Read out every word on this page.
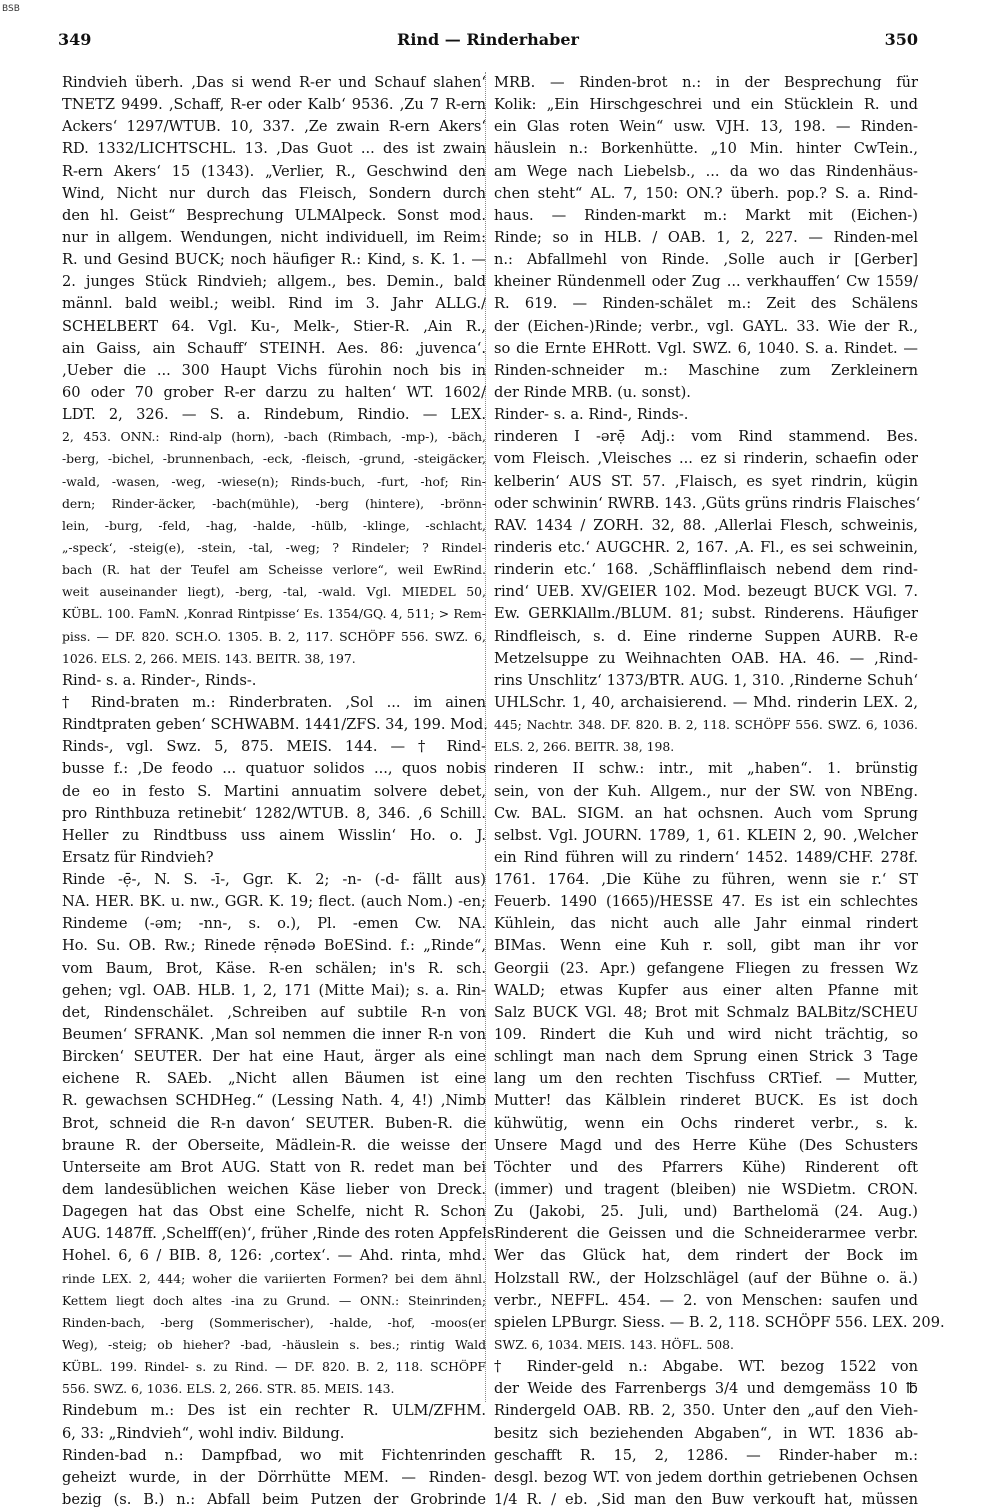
BSB
349	Rind — Rinderhaber	350
Rindvieh überh. ‚Das si wend R-er und Schauf slahen‘
TNETZ 9499. ‚Schaff, R-er oder Kalb‘ 9536. ‚Zu 7 R-ern
Ackers‘ 1297/WTUB. 10, 337. ‚Ze zwain R-ern Akers‘
RD. 1332/LICHTSCHL. 13. ‚Das Guot ... des ist zwain
R-ern Akers‘ 15 (1343). „Verlier, R., Geschwind den
Wind, Nicht nur durch das Fleisch, Sondern durch
den hl. Geist“ Besprechung ULMAlpeck. Sonst mod.
nur in allgem. Wendungen, nicht individuell, im Reim:
R. und Gesind BUCK; noch häufiger R.: Kind, s. K. 1. —
2. junges Stück Rindvieh; allgem., bes. Demin., bald
männl. bald weibl.; weibl. Rind im 3. Jahr ALLG./
SCHELBERT 64. Vgl. Ku-, Melk-, Stier-R. ‚Ain R.,
ain Gaiss, ain Schauff‘ STEINH. Aes. 86: ‚juvenca‘.
‚Ueber die ... 300 Haupt Vichs fürohin noch bis in
60 oder 70 grober R-er darzu zu halten‘ WT. 1602/
LDT. 2, 326. — S. a. Rindebum, Rindio. — LEX.
2, 453. ONN.: Rind-alp (horn), -bach (Rimbach, -mp-), -bäch,
-berg, -bichel, -brunnenbach, -eck, -fleisch, -grund, -steigäcker,
-wald, -wasen, -weg, -wiese(n); Rinds-buch, -furt, -hof; Rin-
dern; Rinder-äcker, -bach(mühle), -berg (hintere), -brönn-
lein, -burg, -feld, -hag, -halde, -hülb, -klinge, -schlacht,
„-speck‘, -steig(e), -stein, -tal, -weg; ? Rindeler; ? Rindel-
bach (R. hat der Teufel am Scheisse verlore“, weil EwRind.
weit auseinander liegt), -berg, -tal, -wald. Vgl. MIEDEL 50,
KÜBL. 100. FamN. ‚Konrad Rintpisse‘ Es. 1354/GQ. 4, 511; > Rem-
piss. — DF. 820. SCH.O. 1305. B. 2, 117. SCHÖPF 556. SWZ. 6,
1026. ELS. 2, 266. MEIS. 143. BEITR. 38, 197.
Rind- s. a. Rinder-, Rinds-.
† Rind-braten m.: Rinderbraten. ‚Sol ... im ainen
Rindtpraten geben‘ SCHWABM. 1441/ZFS. 34, 199. Mod.
Rinds-, vgl. Swz. 5, 875. MEIS. 144. — † Rind-
busse f.: ‚De feodo ... quatuor solidos ..., quos nobis
de eo in festo S. Martini annuatim solvere debet,
pro Rinthbuza retinebit‘ 1282/WTUB. 8, 346. ‚6 Schill.
Heller zu Rindtbuss uss ainem Wisslin‘ Ho. o. J.
Ersatz für Rindvieh?
Rinde -ẹ̄-, N. S. -ī-, Ggr. K. 2; -n- (-d- fällt aus)
NA. HER. BK. u. nw., GGR. K. 19; flect. (auch Nom.) -en;
Rindeme (-əm; -nn-, s. o.), Pl. -emen Cw. NA.
Ho. Su. OB. Rw.; Rinede rẹ̄nədə BoESind. f.: „Rinde“,
vom Baum, Brot, Käse. R-en schälen; in's R. sch.
gehen; vgl. OAB. HLB. 1, 2, 171 (Mitte Mai); s. a. Rin-
det, Rindenschälet. ‚Schreiben auf subtile R-n von
Beumen‘ SFRANK. ‚Man sol nemmen die inner R-n von
Bircken‘ SEUTER. Der hat eine Haut, ärger als eine
eichene R. SAEb. „Nicht allen Bäumen ist eine
R. gewachsen SCHDHeg.“ (Lessing Nath. 4, 4!) ‚Nimb
Brot, schneid die R-n davon‘ SEUTER. Buben-R. die
braune R. der Oberseite, Mädlein-R. die weisse der
Unterseite am Brot AUG. Statt von R. redet man bei
dem landesüblichen weichen Käse lieber von Dreck.
Dagegen hat das Obst eine Schelfe, nicht R. Schon
AUG. 1487ff. ‚Schelff(en)‘, früher ‚Rinde des roten Appfels‘
Hohel. 6, 6 / BIB. 8, 126: ‚cortex‘. — Ahd. rinta, mhd.
rinde LEX. 2, 444; woher die variierten Formen? bei dem ähnl.
Kettem liegt doch altes -ina zu Grund. — ONN.: Steinrinden;
Rinden-bach, -berg (Sommerischer), -halde, -hof, -moos(er
Weg), -steig; ob hieher? -bad, -häuslein s. bes.; rintig Wald
KÜBL. 199. Rindel- s. zu Rind. — DF. 820. B. 2, 118. SCHÖPF
556. SWZ. 6, 1036. ELS. 2, 266. STR. 85. MEIS. 143.
Rindebum m.: Des ist ein rechter R. ULM/ZFHM.
6, 33: „Rindvieh“, wohl indiv. Bildung.
Rinden-bad n.: Dampfbad, wo mit Fichtenrinden
geheizt wurde, in der Dörrhütte MEM. — Rinden-
bezig (s. B.) n.: Abfall beim Putzen der Grobrinde
MRB. — Rinden-brot n.: in der Besprechung für
Kolik: „Ein Hirschgeschrei und ein Stücklein R. und
ein Glas roten Wein“ usw. VJH. 13, 198. — Rinden-
häuslein n.: Borkenhütte. „10 Min. hinter CwTein.,
am Wege nach Liebelsb., ... da wo das Rindenhäus-
chen steht“ AL. 7, 150: ON.? überh. pop.? S. a. Rind-
haus. — Rinden-markt m.: Markt mit (Eichen-)
Rinde; so in HLB. / OAB. 1, 2, 227. — Rinden-mel
n.: Abfallmehl von Rinde. ‚Solle auch ir [Gerber]
kheiner Ründenmell oder Zug ... verkhauffen‘ Cw 1559/
R. 619. — Rinden-schälet m.: Zeit des Schälens
der (Eichen-)Rinde; verbr., vgl. GAYL. 33. Wie der R.,
so die Ernte EHRott. Vgl. SWZ. 6, 1040. S. a. Rindet. —
Rinden-schneider m.: Maschine zum Zerkleinern
der Rinde MRB. (u. sonst).
Rinder- s. a. Rind-, Rinds-.
rinderen I -ərẹ̄ Adj.: vom Rind stammend. Bes.
vom Fleisch. ‚Vleisches ... ez si rinderin, schaefin oder
kelberin‘ AUS ST. 57. ‚Flaisch, es syet rindrin, kügin
oder schwinin‘ RWRB. 143. ‚Güts grüns rindris Flaisches‘
RAV. 1434 / ZORH. 32, 88. ‚Allerlai Flesch, schweinis,
rinderis etc.‘ AUGCHR. 2, 167. ‚A. Fl., es sei schweinin,
rinderin etc.‘ 168. ‚Schäfflinflaisch nebend dem rind-
rind‘ UEB. XV/GEIER 102. Mod. bezeugt BUCK VGl. 7.
Ew. GERKlAllm./BLUM. 81; subst. Rinderens. Häufiger
Rindfleisch, s. d. Eine rinderne Suppen AURB. R-e
Metzelsuppe zu Weihnachten OAB. HA. 46. — ‚Rind-
rins Unschlitz‘ 1373/BTR. AUG. 1, 310. ‚Rinderne Schuh‘
UHLSchr. 1, 40, archaisierend. — Mhd. rinderin LEX. 2,
445; Nachtr. 348. DF. 820. B. 2, 118. SCHÖPF 556. SWZ. 6, 1036.
ELS. 2, 266. BEITR. 38, 198.
rinderen II schw.: intr., mit „haben“. 1. brünstig
sein, von der Kuh. Allgem., nur der SW. von NBEng.
Cw. BAL. SIGM. an hat ochsnen. Auch vom Sprung
selbst. Vgl. JOURN. 1789, 1, 61. KLEIN 2, 90. ‚Welcher
ein Rind führen will zu rindern‘ 1452. 1489/CHF. 278f.
1761. 1764. ‚Die Kühe zu führen, wenn sie r.‘ ST
Feuerb. 1490 (1665)/HESSE 47. Es ist ein schlechtes
Kühlein, das nicht auch alle Jahr einmal rindert
BIMas. Wenn eine Kuh r. soll, gibt man ihr vor
Georgii (23. Apr.) gefangene Fliegen zu fressen Wz
WALD; etwas Kupfer aus einer alten Pfanne mit
Salz BUCK VGl. 48; Brot mit Schmalz BALBitz/SCHEU
109. Rindert die Kuh und wird nicht trächtig, so
schlingt man nach dem Sprung einen Strick 3 Tage
lang um den rechten Tischfuss CRTief. — Mutter,
Mutter! das Kälblein rinderet BUCK. Es ist doch
kühwütig, wenn ein Ochs rinderet verbr., s. k.
Unsere Magd und des Herre Kühe (Des Schusters
Töchter und des Pfarrers Kühe) Rinderent oft
(immer) und tragent (bleiben) nie WSDietm. CRON.
Zu (Jakobi, 25. Juli, und) Barthelomä (24. Aug.)
Rinderent die Geissen und die Schneiderarmee verbr.
Wer das Glück hat, dem rindert der Bock im
Holzstall RW., der Holzschlägel (auf der Bühne o. ä.)
verbr., NEFFL. 454. — 2. von Menschen: saufen und
spielen LPBurgr. Siess. — B. 2, 118. SCHÖPF 556. LEX. 209.
SWZ. 6, 1034. MEIS. 143. HÖFL. 508.
† Rinder-geld n.: Abgabe. WT. bezog 1522 von
der Weide des Farrenbergs 3/4 und demgemäss 10 ℔
Rindergeld OAB. RB. 2, 350. Unter den „auf den Vieh-
besitz sich beziehenden Abgaben“, in WT. 1836 ab-
geschafft R. 15, 2, 1286. — Rinder-haber m.:
desgl. bezog WT. von jedem dorthin getriebenen Ochsen
1/4 R. / eb. ‚Sid man den Buw verkouft hat, müssen
